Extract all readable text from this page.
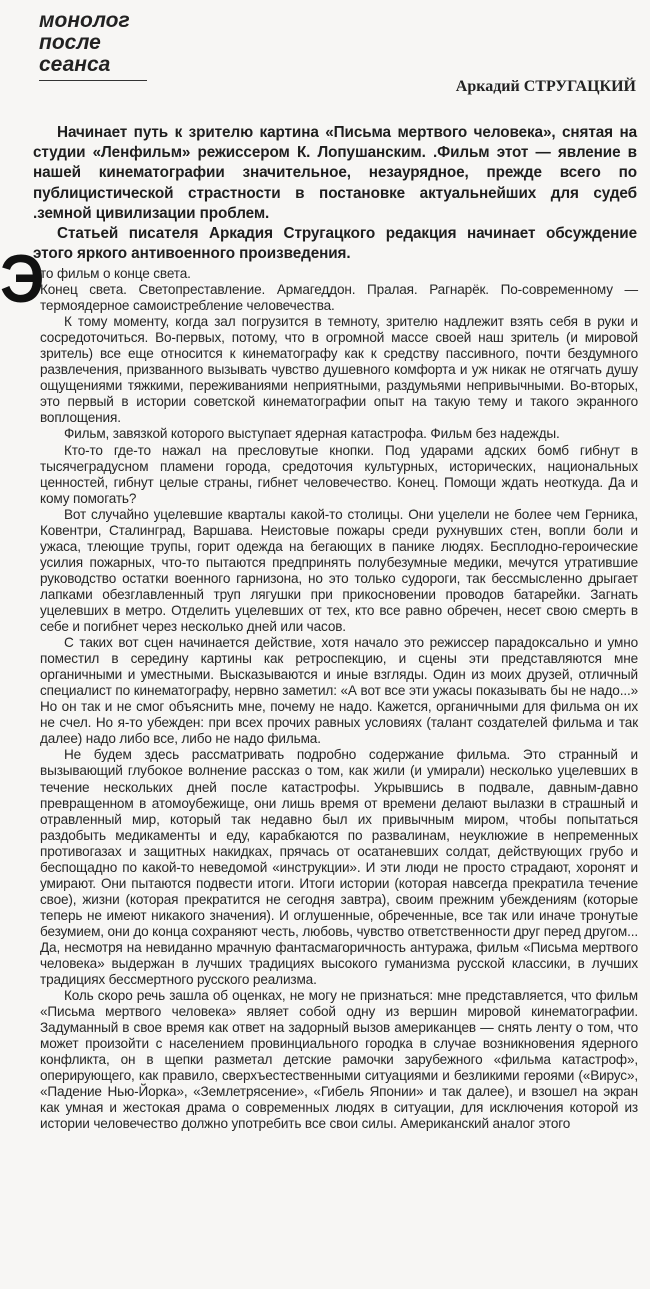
монолог
после
сеанса
Аркадий СТРУГАЦКИЙ

Начинает путь к зрителю картина «Письма мертвого человека», снятая на студии «Ленфильм» режиссером К. Лопушанским. .Фильм этот — явление в нашей кинематографии значительное, незаурядное, прежде всего по публицистической страстности в постановке актуальнейших для судеб .земной цивилизации проблем.

Статьей писателя Аркадия Стругацкого редакция начинает обсуждение этого яркого антивоенного произведения.

Э

то фильм о конце света.

Конец света. Светопреставление. Армагеддон. Пралая. Рагнарёк. По-современному — термоядерное самоистребление человечества.

К тому моменту, когда зал погрузится в темноту, зрителю надлежит взять себя в руки и сосредоточиться. Во-первых, потому, что в огромной массе своей наш зритель (и мировой зритель) все еще относится к кинематографу как к средству пассивного, почти бездумного развлечения, призванного вызывать чувство душевного комфорта и уж никак не отягчать душу ощущениями тяжкими, переживаниями неприятными, раздумьями непривычными. Во-вторых, это первый в истории советской кинематографии опыт на такую тему и такого экранного воплощения.

Фильм, завязкой которого выступает ядерная катастрофа. Фильм без надежды.

Кто-то где-то нажал на пресловутые кнопки. Под ударами адских бомб гибнут в тысячеградусном пламени города, средоточия культурных, исторических, национальных ценностей, гибнут целые страны, гибнет человечество. Конец. Помощи ждать неоткуда. Да и кому помогать?

Вот случайно уцелевшие кварталы какой-то столицы. Они уцелели не более чем Герника, Ковентри, Сталинград, Варшава. Неистовые пожары среди рухнувших стен, вопли боли и ужаса, тлеющие трупы, горит одежда на бегающих в панике людях. Бесплодно-героические усилия пожарных, что-то пытаются предпринять полубезумные медики, мечутся утратившие руководство остатки военного гарнизона, но это только судороги, так бессмысленно дрыгает лапками обезглавленный труп лягушки при прикосновении проводов батарейки. Загнать уцелевших в метро. Отделить уцелевших от тех, кто все равно обречен, несет свою смерть в себе и погибнет через несколько дней или часов.

С таких вот сцен начинается действие, хотя начало это режиссер парадоксально и умно поместил в середину картины как ретроспекцию, и сцены эти представляются мне органичными и уместными. Высказываются и иные взгляды. Один из моих друзей, отличный специалист по кинематографу, нервно заметил: «А вот все эти ужасы показывать бы не надо...» Но он так и не смог объяснить мне, почему не надо. Кажется, органичными для фильма он их не счел. Но я-то убежден: при всех прочих равных условиях (талант создателей фильма и так далее) надо либо все, либо не надо фильма.

Не будем здесь рассматривать подробно содержание фильма. Это странный и вызывающий глубокое волнение рассказ о том, как жили (и умирали) несколько уцелевших в течение нескольких дней после катастрофы. Укрывшись в подвале, давным-давно превращенном в атомоубежище, они лишь время от времени делают вылазки в страшный и отравленный мир, который так недавно был их привычным миром, чтобы попытаться раздобыть медикаменты и еду, карабкаются по развалинам, неуклюжие в непременных противогазах и защитных накидках, прячась от осатаневших солдат, действующих грубо и беспощадно по какой-то неведомой «инструкции». И эти люди не просто страдают, хоронят и умирают. Они пытаются подвести итоги. Итоги истории (которая навсегда прекратила течение свое), жизни (которая прекратится не сегодня завтра), своим прежним убеждениям (которые теперь не имеют никакого значения). И оглушенные, обреченные, все так или иначе тронутые безумием, они до конца сохраняют честь, любовь, чувство ответственности друг перед другом... Да, несмотря на невиданно мрачную фантасмагоричность антуража, фильм «Письма мертвого человека» выдержан в лучших традициях высокого гуманизма русской классики, в лучших традициях бессмертного русского реализма.

Коль скоро речь зашла об оценках, не могу не признаться: мне представляется, что фильм «Письма мертвого человека» являет собой одну из вершин мировой кинематографии. Задуманный в свое время как ответ на задорный вызов американцев — снять ленту о том, что может произойти с населением провинциального городка в случае возникновения ядерного конфликта, он в щепки разметал детские рамочки зарубежного «фильма катастроф», оперирующего, как правило, сверхъестественными ситуациями и безликими героями («Вирус», «Падение Нью-Йорка», «Землетрясение», «Гибель Японии» и так далее), и взошел на экран как умная и жестокая драма о современных людях в ситуации, для исключения которой из истории человечество должно употребить все свои силы. Американский аналог этого
